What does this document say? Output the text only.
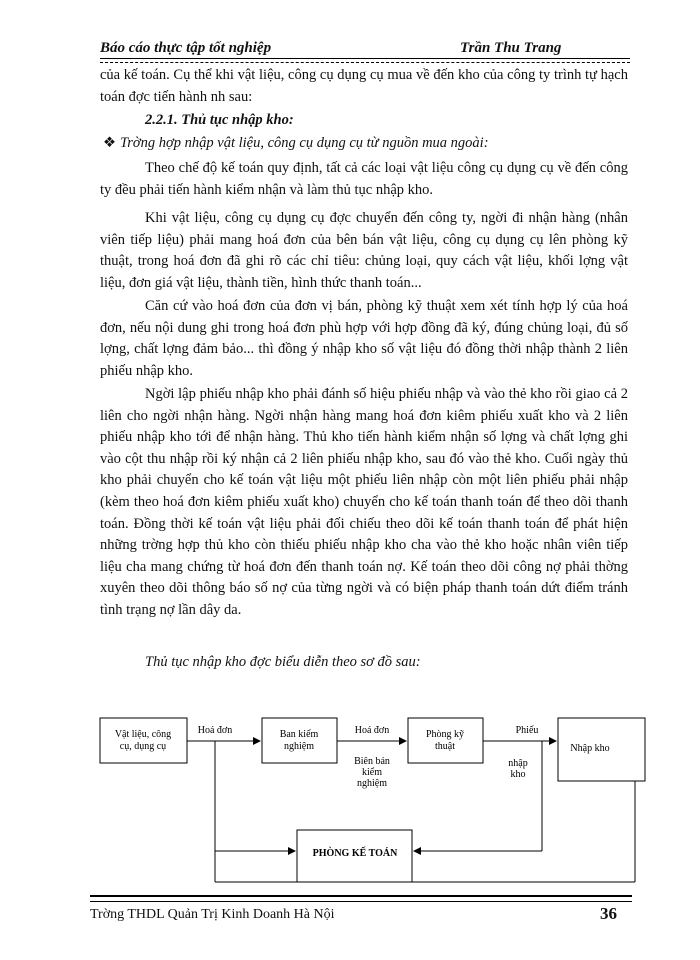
Báo cáo thực tập tốt nghiệp	Trần Thu Trang

của kế toán. Cụ thể khi vật liệu, công cụ dụng cụ mua về đến kho của công ty trình tự hạch toán đợc tiến hành nh sau:

2.2.1. Thủ tục nhập kho:
❖ Trờng hợp nhập vật liệu, công cụ dụng cụ từ nguồn mua ngoài:

Theo chế độ kế toán quy định, tất cả các loại vật liệu công cụ dụng cụ về đến công ty đều phải tiến hành kiểm nhận và làm thủ tục nhập kho.

Khi vật liệu, công cụ dụng cụ đợc chuyển đến công ty, ngời đi nhận hàng (nhân viên tiếp liệu) phải mang hoá đơn của bên bán vật liệu, công cụ dụng cụ lên phòng kỹ thuật, trong hoá đơn đã ghi rõ các chỉ tiêu: chủng loại, quy cách vật liệu, khối lợng vật liệu, đơn giá vật liệu, thành tiền, hình thức thanh toán...

Căn cứ vào hoá đơn của đơn vị bán, phòng kỹ thuật xem xét tính hợp lý của hoá đơn, nếu nội dung ghi trong hoá đơn phù hợp với hợp đồng đã ký, đúng chủng loại, đủ số lợng, chất lợng đảm bảo... thì đồng ý nhập kho số vật liệu đó đồng thời nhập thành 2 liên phiếu nhập kho.

Ngời lập phiếu nhập kho phải đánh số hiệu phiếu nhập và vào thẻ kho rồi giao cả 2 liên cho ngời nhận hàng. Ngời nhận hàng mang hoá đơn kiêm phiếu xuất kho và 2 liên phiếu nhập kho tới để nhận hàng. Thủ kho tiến hành kiểm nhận số lợng và chất lợng ghi vào cột thu nhập rồi ký nhận cả 2 liên phiếu nhập kho, sau đó vào thẻ kho. Cuối ngày thủ kho phải chuyển cho kế toán vật liệu một phiếu liên nhập còn một liên phiếu phải nhập (kèm theo hoá đơn kiêm phiếu xuất kho) chuyển cho kế toán thanh toán để theo dõi thanh toán. Đồng thời kế toán vật liệu phải đối chiếu theo dõi kế toán thanh toán để phát hiện những trờng hợp thủ kho còn thiếu phiếu nhập kho cha vào thẻ kho hoặc nhân viên tiếp liệu cha mang chứng từ hoá đơn đến thanh toán nợ. Kế toán theo dõi công nợ phải thờng xuyên theo dõi thông báo số nợ của từng ngời và có biện pháp thanh toán dứt điểm tránh tình trạng nợ lần dây da.

Thủ tục nhập kho đợc biểu diễn theo sơ đồ sau:
Vật liệu, công
cụ, dụng cụ
Ban kiểm
nghiệm
Phòng kỹ
thuật	Nhập kho
PHÒNG KẾ TOÁN
Hoá đơn	Hoá đơn
Biên bản
kiểm
nghiệm
Phiếu
nhập
kho
Trờng THDL Quản Trị Kinh Doanh Hà Nội	36
